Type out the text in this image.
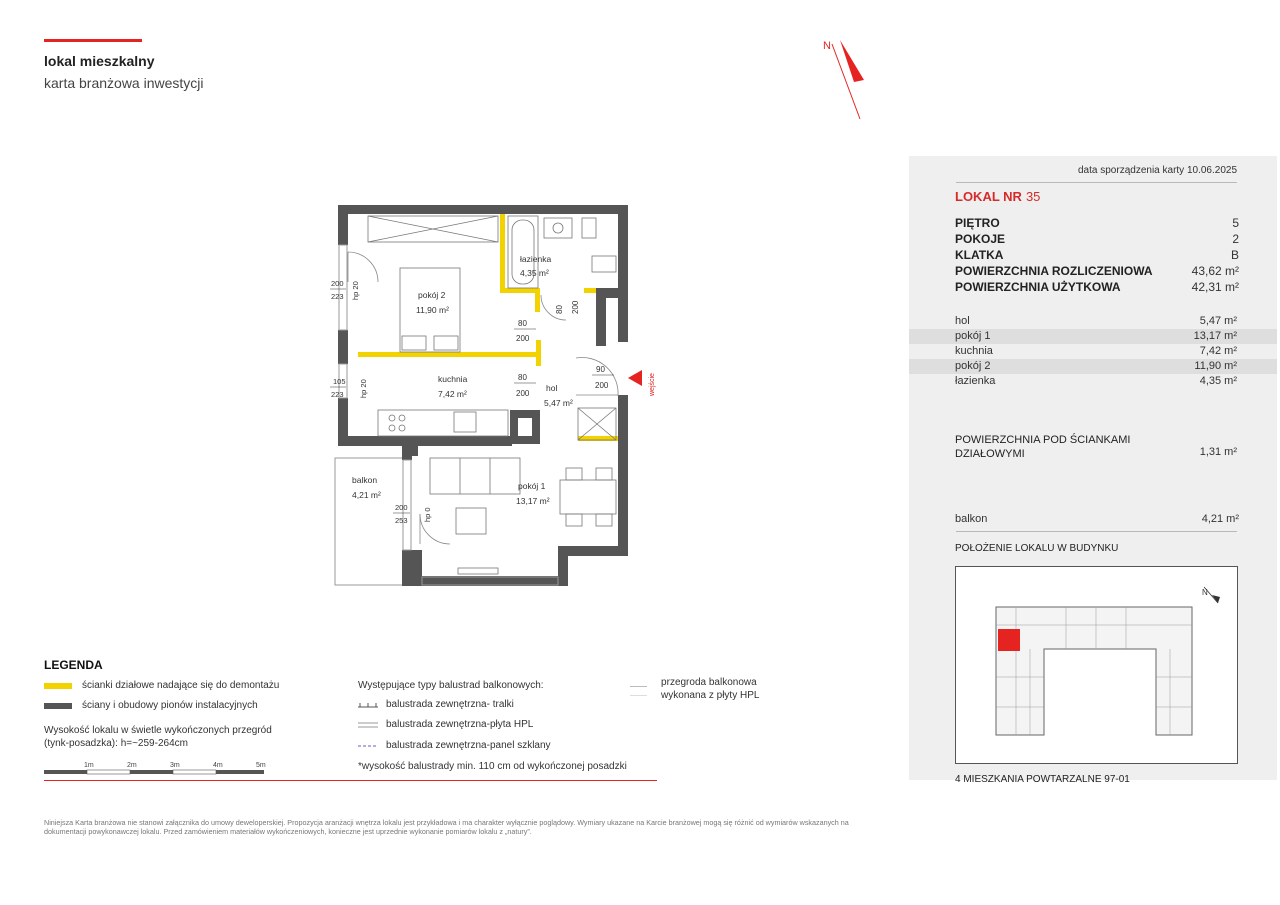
lokal mieszkalny
karta branżowa inwestycji
N
wejście
łazienka
4,35 m²
pokój 2
11,90 m²
kuchnia
7,42 m²
hol
5,47 m²
balkon
4,21 m²
pokój 1
13,17 m²
200
223 hp 20
105
223 hp 20
200
253 hp 0
80
200
80 200
80
200
90
200
LEGENDA
ścianki działowe nadające się do demontażu
ściany i obudowy pionów instalacyjnych
Wysokość lokalu w świetle wykończonych przegród (tynk-posadzka): h=~259-264cm
1m	2m	3m	4m	5m
Występujące typy balustrad balkonowych:
balustrada zewnętrzna- tralki
balustrada zewnętrzna-płyta HPL
balustrada zewnętrzna-panel szklany
*wysokość balustrady min. 110 cm od wykończonej posadzki
przegroda balkonowa wykonana z płyty HPL
Niniejsza Karta branżowa nie stanowi załącznika do umowy deweloperskiej. Propozycja aranżacji wnętrza lokalu jest przykładowa i ma charakter wyłącznie poglądowy. Wymiary ukazane na Karcie branżowej mogą się różnić od wymiarów wskazanych na dokumentacji powykonawczej lokalu. Przed zamówieniem materiałów wykończeniowych, konieczne jest uprzednie wykonanie pomiarów lokalu z „natury”.
data sporządzenia karty 10.06.2025
LOKAL NR 35
PIĘTRO	5
POKOJE	2
KLATKA	B
POWIERZCHNIA ROZLICZENIOWA	43,62 m²
POWIERZCHNIA UŻYTKOWA	42,31 m²
hol	5,47 m²
pokój 1	13,17 m²
kuchnia	7,42 m²
pokój 2	11,90 m²
łazienka	4,35 m²
POWIERZCHNIA POD ŚCIANKAMI
DZIAŁOWYMI	1,31 m²
balkon	4,21 m²
POŁOŻENIE LOKALU W BUDYNKU
N
4 MIESZKANIA POWTARZALNE 97-01
